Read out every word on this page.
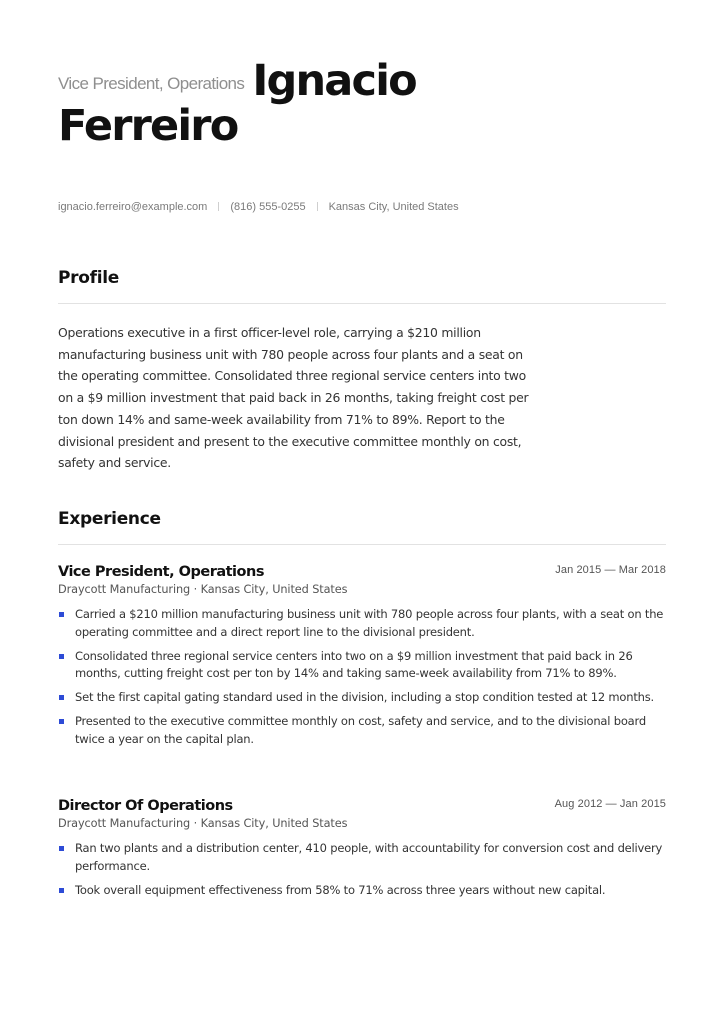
Vice President, Operations Ignacio
Ferreiro
ignacio.ferreiro@example.com (816) 555-0255 Kansas City, United States
Profile

Operations executive in a first officer-level role, carrying a $210 million manufacturing business unit with 780 people across four plants and a seat on the operating committee. Consolidated three regional service centers into two on a $9 million investment that paid back in 26 months, taking freight cost per ton down 14% and same-week availability from 71% to 89%. Report to the divisional president and present to the executive committee monthly on cost, safety and service.

Experience
Vice President, Operations	Jan 2015 — Mar 2018
Draycott Manufacturing · Kansas City, United States
Carried a $210 million manufacturing business unit with 780 people across four plants, with a seat on the operating committee and a direct report line to the divisional president.
Consolidated three regional service centers into two on a $9 million investment that paid back in 26 months, cutting freight cost per ton by 14% and taking same-week availability from 71% to 89%.
Set the first capital gating standard used in the division, including a stop condition tested at 12 months.
Presented to the executive committee monthly on cost, safety and service, and to the divisional board twice a year on the capital plan.
Director Of Operations	Aug 2012 — Jan 2015
Draycott Manufacturing · Kansas City, United States
Ran two plants and a distribution center, 410 people, with accountability for conversion cost and delivery performance.
Took overall equipment effectiveness from 58% to 71% across three years without new capital.
